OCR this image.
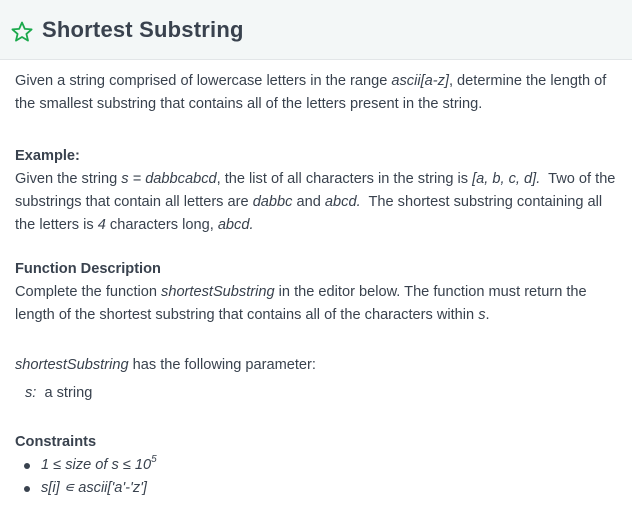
Shortest Substring

Given a string comprised of lowercase letters in the range ascii[a-z], determine the length of the smallest substring that contains all of the letters present in the string.

Example:

Given the string s = dabbcabcd, the list of all characters in the string is [a, b, c, d].  Two of the substrings that contain all letters are dabbc and abcd.  The shortest substring containing all the letters is 4 characters long, abcd.

Function Description

Complete the function shortestSubstring in the editor below. The function must return the length of the shortest substring that contains all of the characters within s.

shortestSubstring has the following parameter:

s:  a string

Constraints
1 ≤ size of $s \le 10^5$
s[i] ∊ ascii['a'-'z']
